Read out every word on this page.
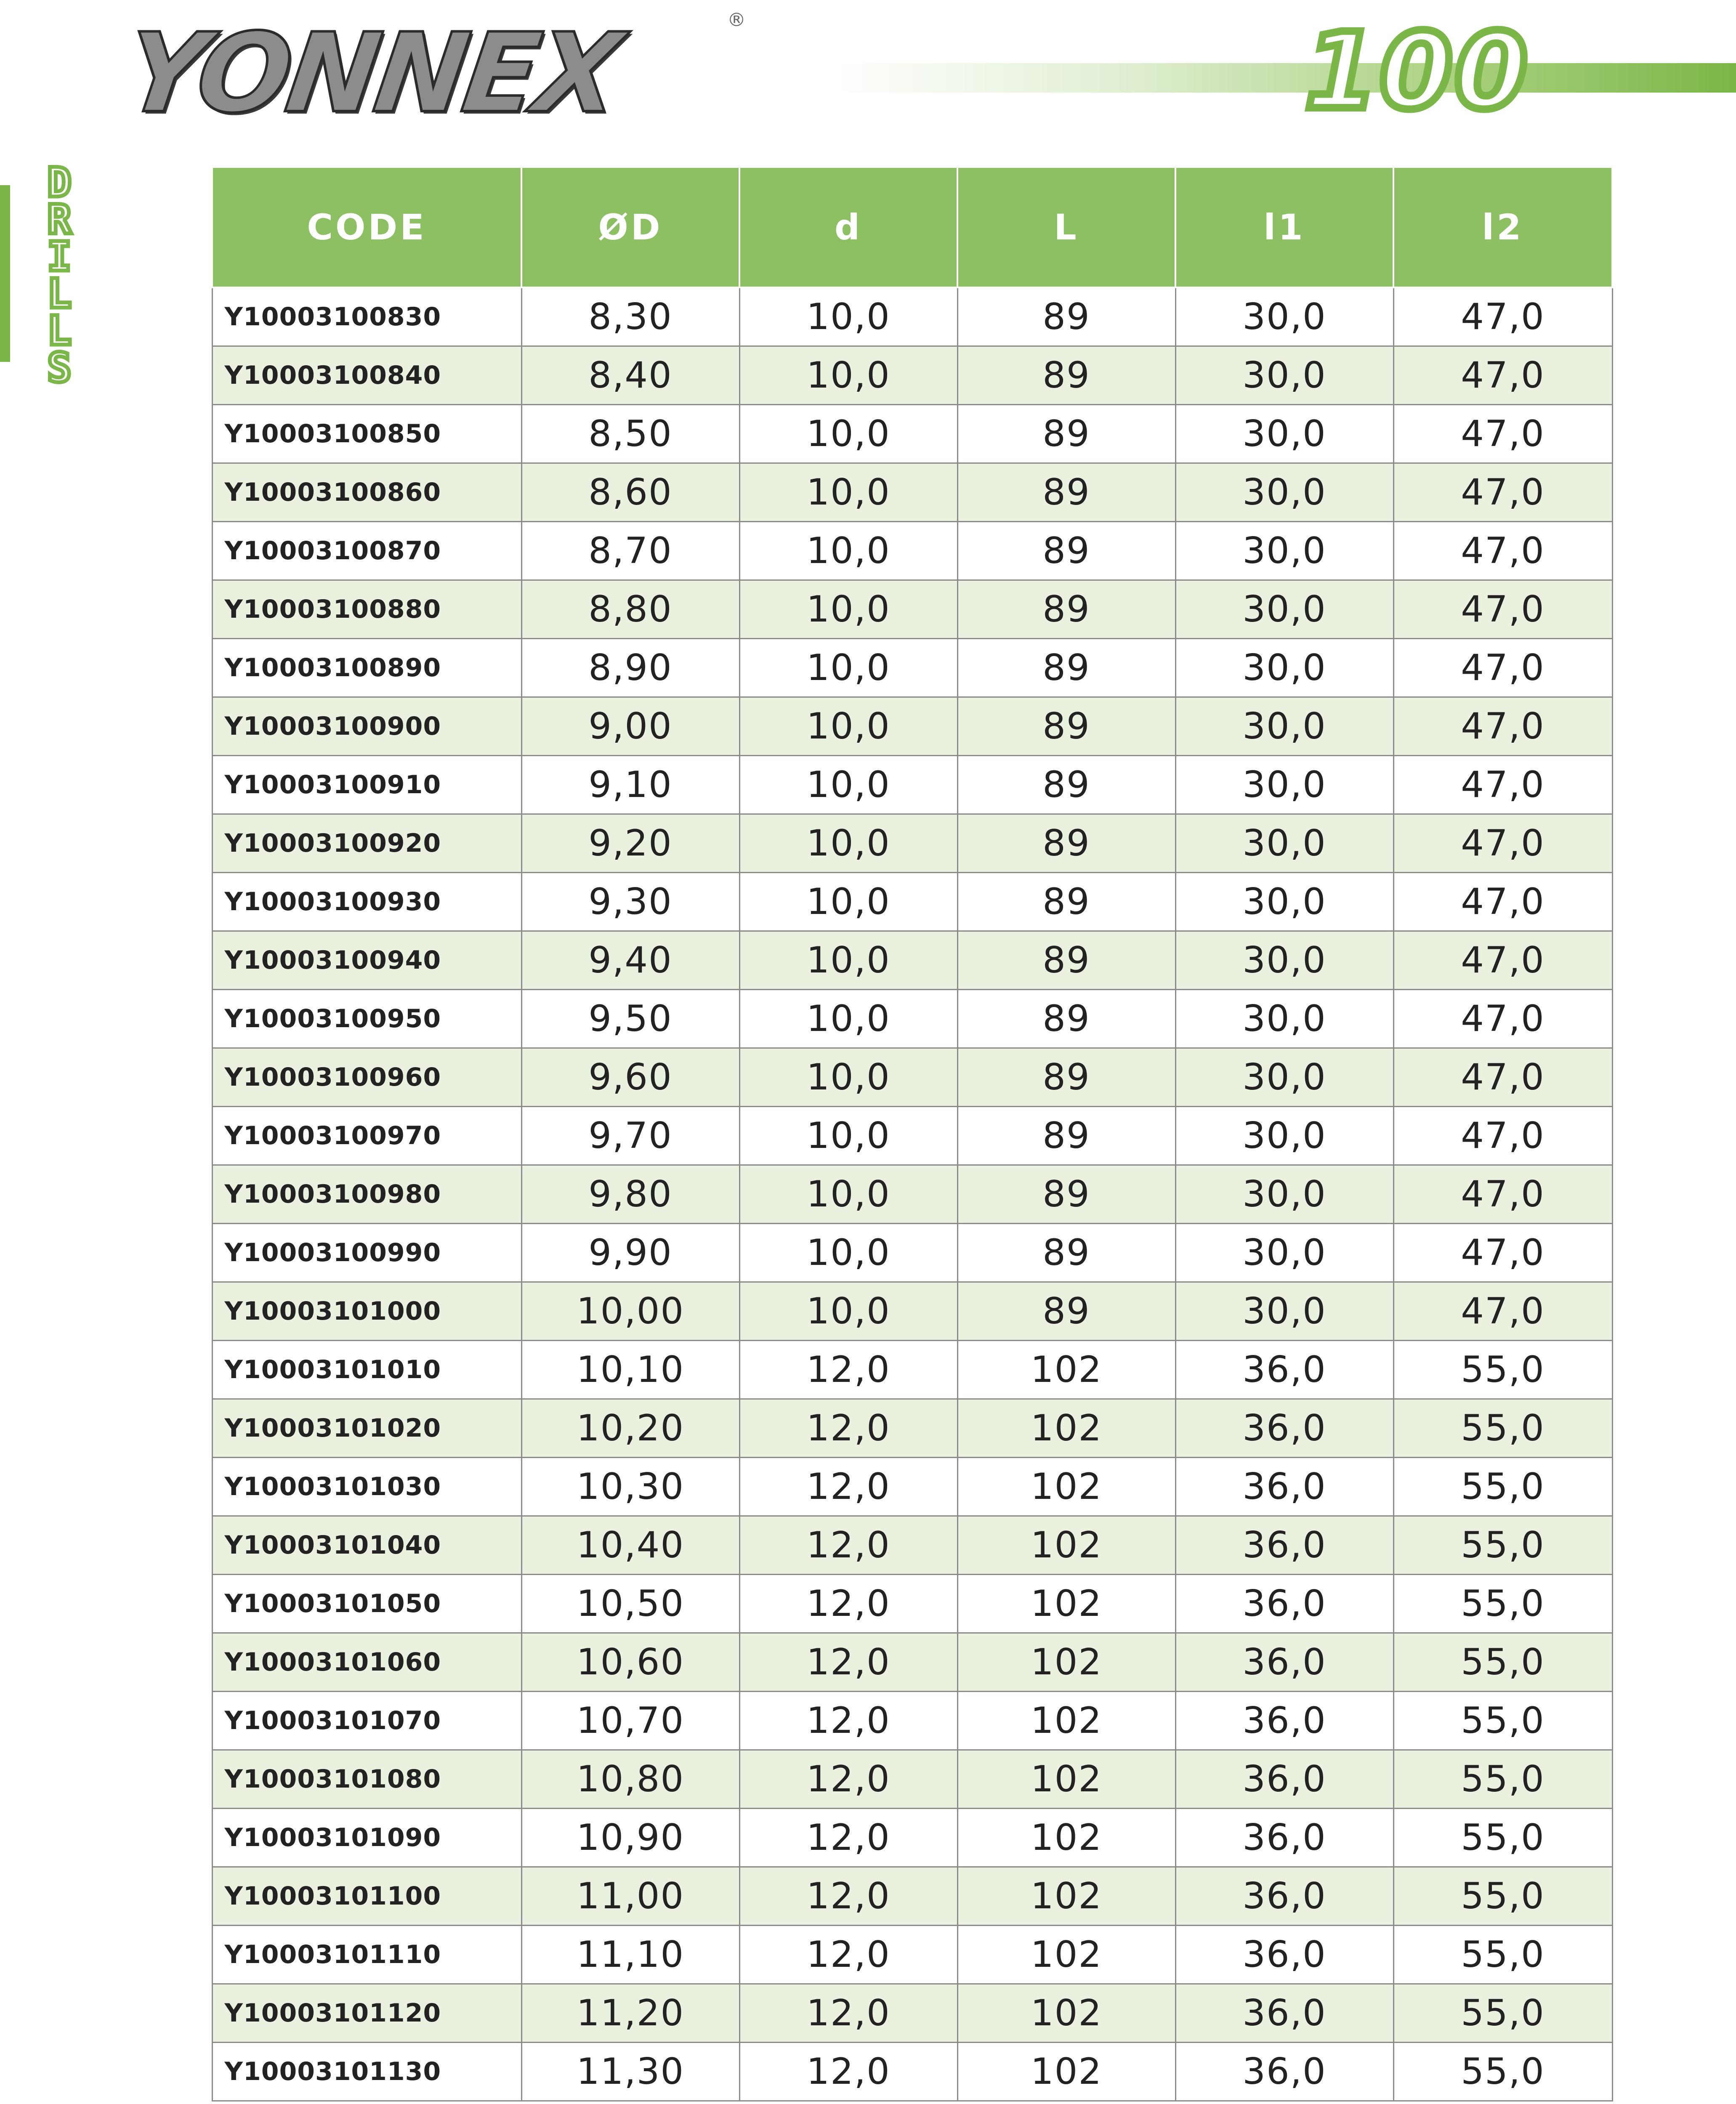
YONNEX	®	100
D
R
I
L
L
S
CODE	ØD	d	L	l1	l2
Y10003100830	8,30	10,0	89	30,0	47,0
Y10003100840	8,40	10,0	89	30,0	47,0
Y10003100850	8,50	10,0	89	30,0	47,0
Y10003100860	8,60	10,0	89	30,0	47,0
Y10003100870	8,70	10,0	89	30,0	47,0
Y10003100880	8,80	10,0	89	30,0	47,0
Y10003100890	8,90	10,0	89	30,0	47,0
Y10003100900	9,00	10,0	89	30,0	47,0
Y10003100910	9,10	10,0	89	30,0	47,0
Y10003100920	9,20	10,0	89	30,0	47,0
Y10003100930	9,30	10,0	89	30,0	47,0
Y10003100940	9,40	10,0	89	30,0	47,0
Y10003100950	9,50	10,0	89	30,0	47,0
Y10003100960	9,60	10,0	89	30,0	47,0
Y10003100970	9,70	10,0	89	30,0	47,0
Y10003100980	9,80	10,0	89	30,0	47,0
Y10003100990	9,90	10,0	89	30,0	47,0
Y10003101000	10,00	10,0	89	30,0	47,0
Y10003101010	10,10	12,0	102	36,0	55,0
Y10003101020	10,20	12,0	102	36,0	55,0
Y10003101030	10,30	12,0	102	36,0	55,0
Y10003101040	10,40	12,0	102	36,0	55,0
Y10003101050	10,50	12,0	102	36,0	55,0
Y10003101060	10,60	12,0	102	36,0	55,0
Y10003101070	10,70	12,0	102	36,0	55,0
Y10003101080	10,80	12,0	102	36,0	55,0
Y10003101090	10,90	12,0	102	36,0	55,0
Y10003101100	11,00	12,0	102	36,0	55,0
Y10003101110	11,10	12,0	102	36,0	55,0
Y10003101120	11,20	12,0	102	36,0	55,0
Y10003101130	11,30	12,0	102	36,0	55,0
